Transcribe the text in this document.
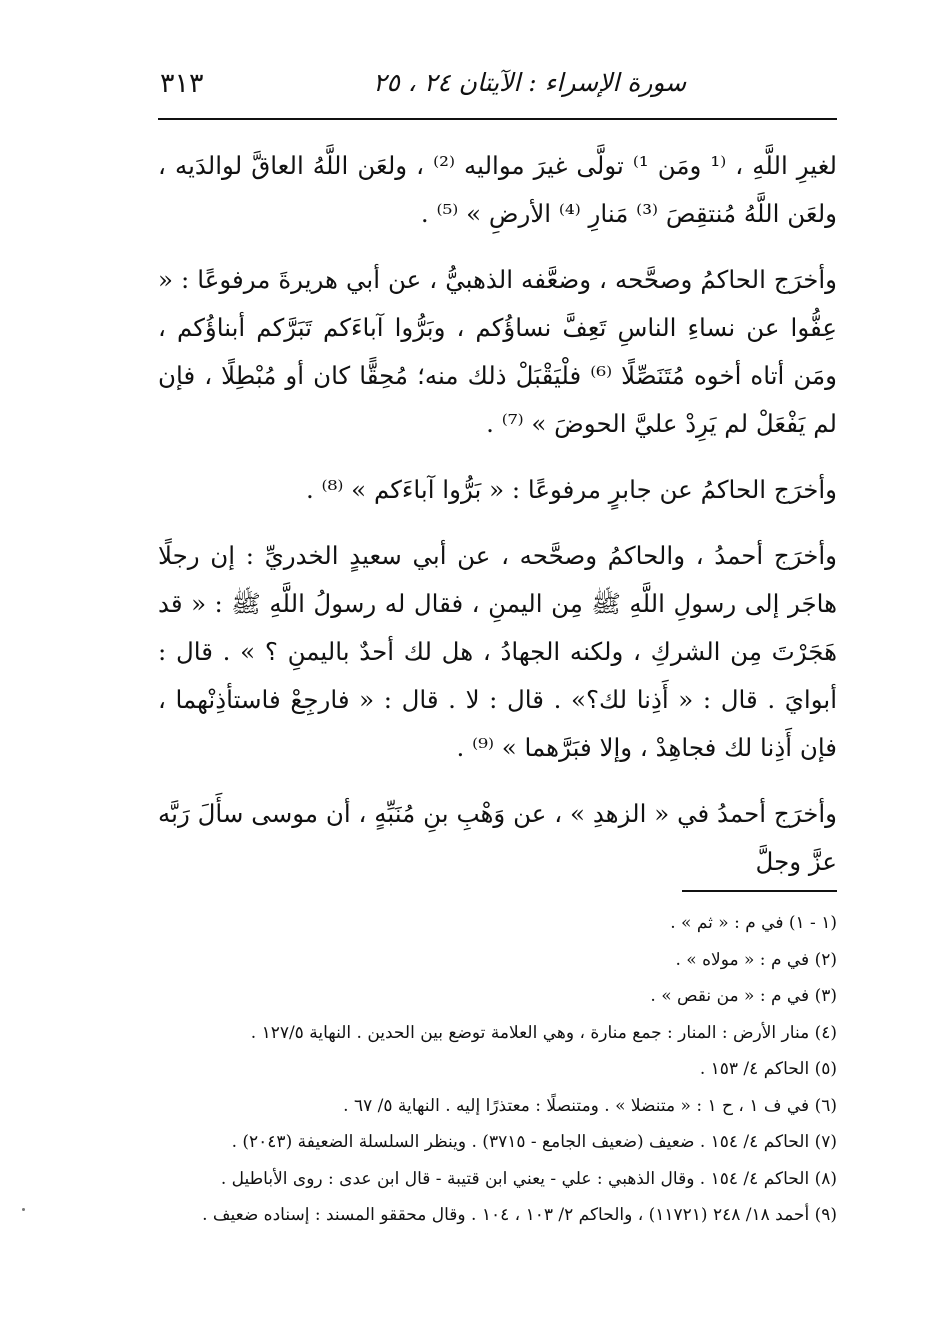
سورة الإسراء : الآيتان ٢٤ ، ٢٥
٣١٣

لغيرِ اللَّهِ ، ⁽¹ ومَن ¹⁾ تولَّى غيرَ مواليه ⁽²⁾ ، ولعَن اللَّهُ العاقَّ لوالدَيه ، ولعَن اللَّهُ مُنتقِصَ ⁽³⁾ مَنارِ ⁽⁴⁾ الأرضِ » ⁽⁵⁾ .

وأخرَج الحاكمُ وصحَّحه ، وضعَّفه الذهبيُّ ، عن أبي هريرةَ مرفوعًا : « عِفُّوا عن نساءِ الناسِ تَعِفَّ نساؤُكم ، وبَرُّوا آباءَكم تَبَرَّكم أبناؤُكم ، ومَن أتاه أخوه مُتَنَصِّلًا ⁽⁶⁾ فلْيَقْبَلْ ذلك منه؛ مُحِقًّا كان أو مُبْطِلًا ، فإن لم يَفْعَلْ لم يَرِدْ عليَّ الحوضَ » ⁽⁷⁾ .

وأخرَج الحاكمُ عن جابرٍ مرفوعًا : « بَرُّوا آباءَكم » ⁽⁸⁾ .

وأخرَج أحمدُ ، والحاكمُ وصحَّحه ، عن أبي سعيدٍ الخدريِّ : إن رجلًا هاجَر إلى رسولِ اللَّهِ ﷺ مِن اليمنِ ، فقال له رسولُ اللَّهِ ﷺ : « قد هَجَرْتَ مِن الشركِ ، ولكنه الجهادُ ، هل لك أحدٌ باليمنِ ؟ » . قال : أبوايَ . قال : « أَذِنا لك؟» . قال : لا . قال : « فارجِعْ فاستأذِنْهما ، فإن أَذِنا لك فجاهِدْ ، وإلا فبَرَّهما » ⁽⁹⁾ .

وأخرَج أحمدُ في « الزهدِ » ، عن وَهْبِ بنِ مُنَبِّهٍ ، أن موسى سأَلَ رَبَّه عزَّ وجلَّ

(١ - ١) في م : « ثم » .
(٢) في م : « مولاه » .
(٣) في م : « من نقص » .
(٤) منار الأرض : المنار : جمع منارة ، وهي العلامة توضع بين الحدين . النهاية ١٢٧/٥ .
(٥) الحاكم ٤/ ١٥٣ .
(٦) في ف ١ ، ح ١ : « متنضلا » . ومتنصلًا : معتذرًا إليه . النهاية ٥/ ٦٧ .
(٧) الحاكم ٤/ ١٥٤ . ضعيف (ضعيف الجامع - ٣٧١٥) . وينظر السلسلة الضعيفة (٢٠٤٣) .
(٨) الحاكم ٤/ ١٥٤ . وقال الذهبي : علي - يعني ابن قتيبة - قال ابن عدى : روى الأباطيل .
(٩) أحمد ١٨/ ٢٤٨ (١١٧٢١) ، والحاكم ٢/ ١٠٣ ، ١٠٤ . وقال محققو المسند : إسناده ضعيف .
